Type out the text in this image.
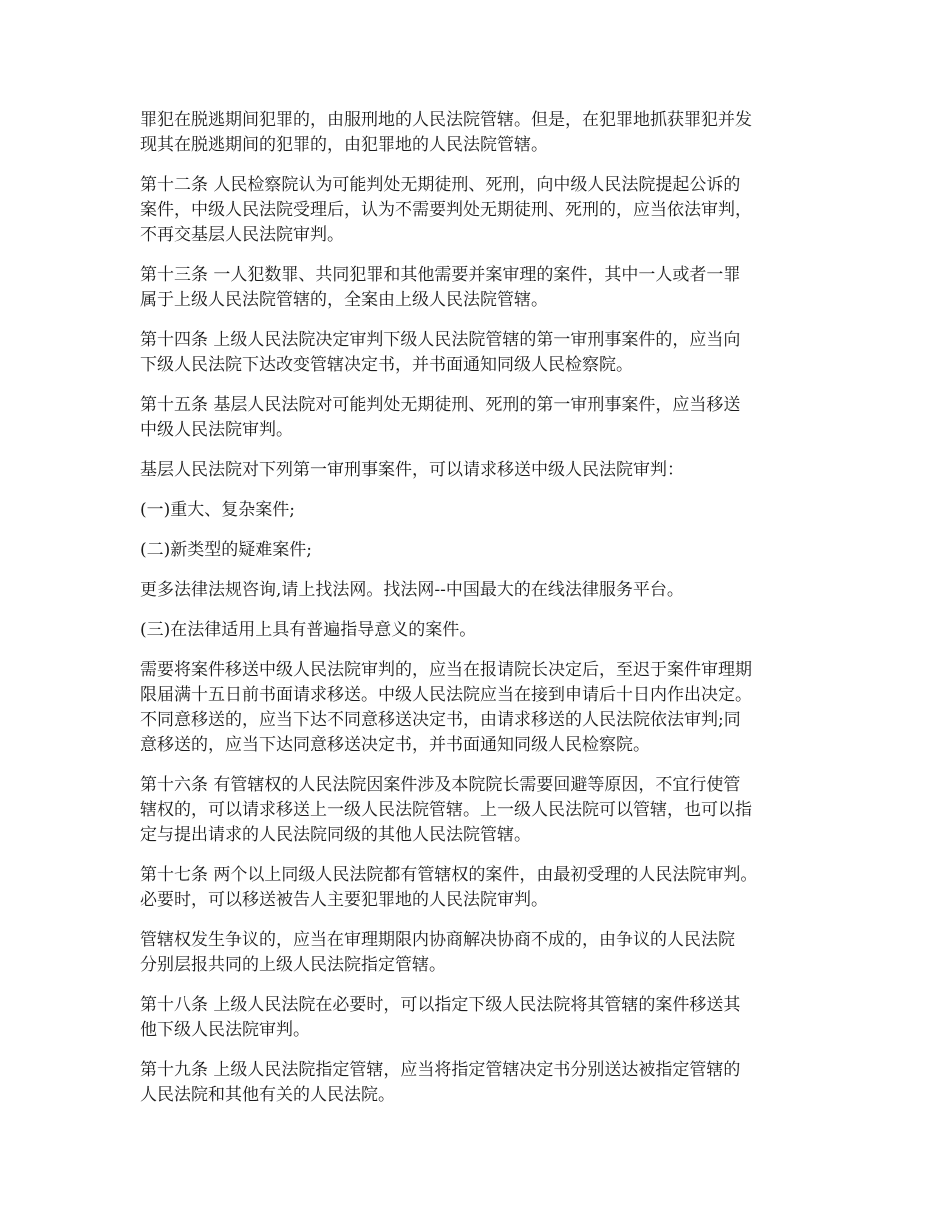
罪犯在脱逃期间犯罪的，由服刑地的人民法院管辖。但是，在犯罪地抓获罪犯并发
现其在脱逃期间的犯罪的，由犯罪地的人民法院管辖。

第十二条 人民检察院认为可能判处无期徒刑、死刑，向中级人民法院提起公诉的
案件，中级人民法院受理后，认为不需要判处无期徒刑、死刑的，应当依法审判，
不再交基层人民法院审判。

第十三条 一人犯数罪、共同犯罪和其他需要并案审理的案件，其中一人或者一罪
属于上级人民法院管辖的，全案由上级人民法院管辖。

第十四条 上级人民法院决定审判下级人民法院管辖的第一审刑事案件的，应当向
下级人民法院下达改变管辖决定书，并书面通知同级人民检察院。

第十五条 基层人民法院对可能判处无期徒刑、死刑的第一审刑事案件，应当移送
中级人民法院审判。

基层人民法院对下列第一审刑事案件，可以请求移送中级人民法院审判：

(一)重大、复杂案件;

(二)新类型的疑难案件;

更多法律法规咨询,请上找法网。找法网--中国最大的在线法律服务平台。

(三)在法律适用上具有普遍指导意义的案件。

需要将案件移送中级人民法院审判的，应当在报请院长决定后，至迟于案件审理期
限届满十五日前书面请求移送。中级人民法院应当在接到申请后十日内作出决定。
不同意移送的，应当下达不同意移送决定书，由请求移送的人民法院依法审判;同
意移送的，应当下达同意移送决定书，并书面通知同级人民检察院。

第十六条 有管辖权的人民法院因案件涉及本院院长需要回避等原因，不宜行使管
辖权的，可以请求移送上一级人民法院管辖。上一级人民法院可以管辖，也可以指
定与提出请求的人民法院同级的其他人民法院管辖。

第十七条 两个以上同级人民法院都有管辖权的案件，由最初受理的人民法院审判。
必要时，可以移送被告人主要犯罪地的人民法院审判。

管辖权发生争议的，应当在审理期限内协商解决协商不成的，由争议的人民法院
分别层报共同的上级人民法院指定管辖。

第十八条 上级人民法院在必要时，可以指定下级人民法院将其管辖的案件移送其
他下级人民法院审判。

第十九条 上级人民法院指定管辖，应当将指定管辖决定书分别送达被指定管辖的
人民法院和其他有关的人民法院。
